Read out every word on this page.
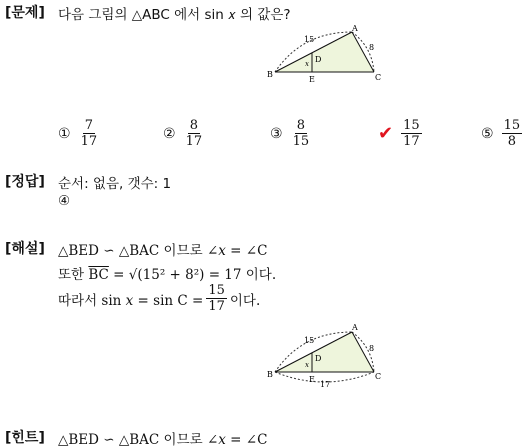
[문제] 다음 그림의 △ABC 에서 sin 𝑥 의 값은?
A
B	C
D
E
15
8
x
① $\frac{7}{17}$	② $\frac{8}{17}$	③ $\frac{8}{15}$	✔ $\frac{15}{17}$	⑤ $\frac{15}{8}$
[정답] 순서: 없음, 갯수: 1
④
[해설] △BED ∽ △BAC 이므로 ∠𝑥 = ∠C
또한 $\overline{BC} = √(15^2 + 8^2) = 17$ 이다.
따라서 sin 𝑥 = $\sin C = \frac{15}{17}$ 이다.
A
B	C
D
E
15
8
17
x
[힌트] △BED ∽ △BAC 이므로 ∠𝑥 = ∠C
